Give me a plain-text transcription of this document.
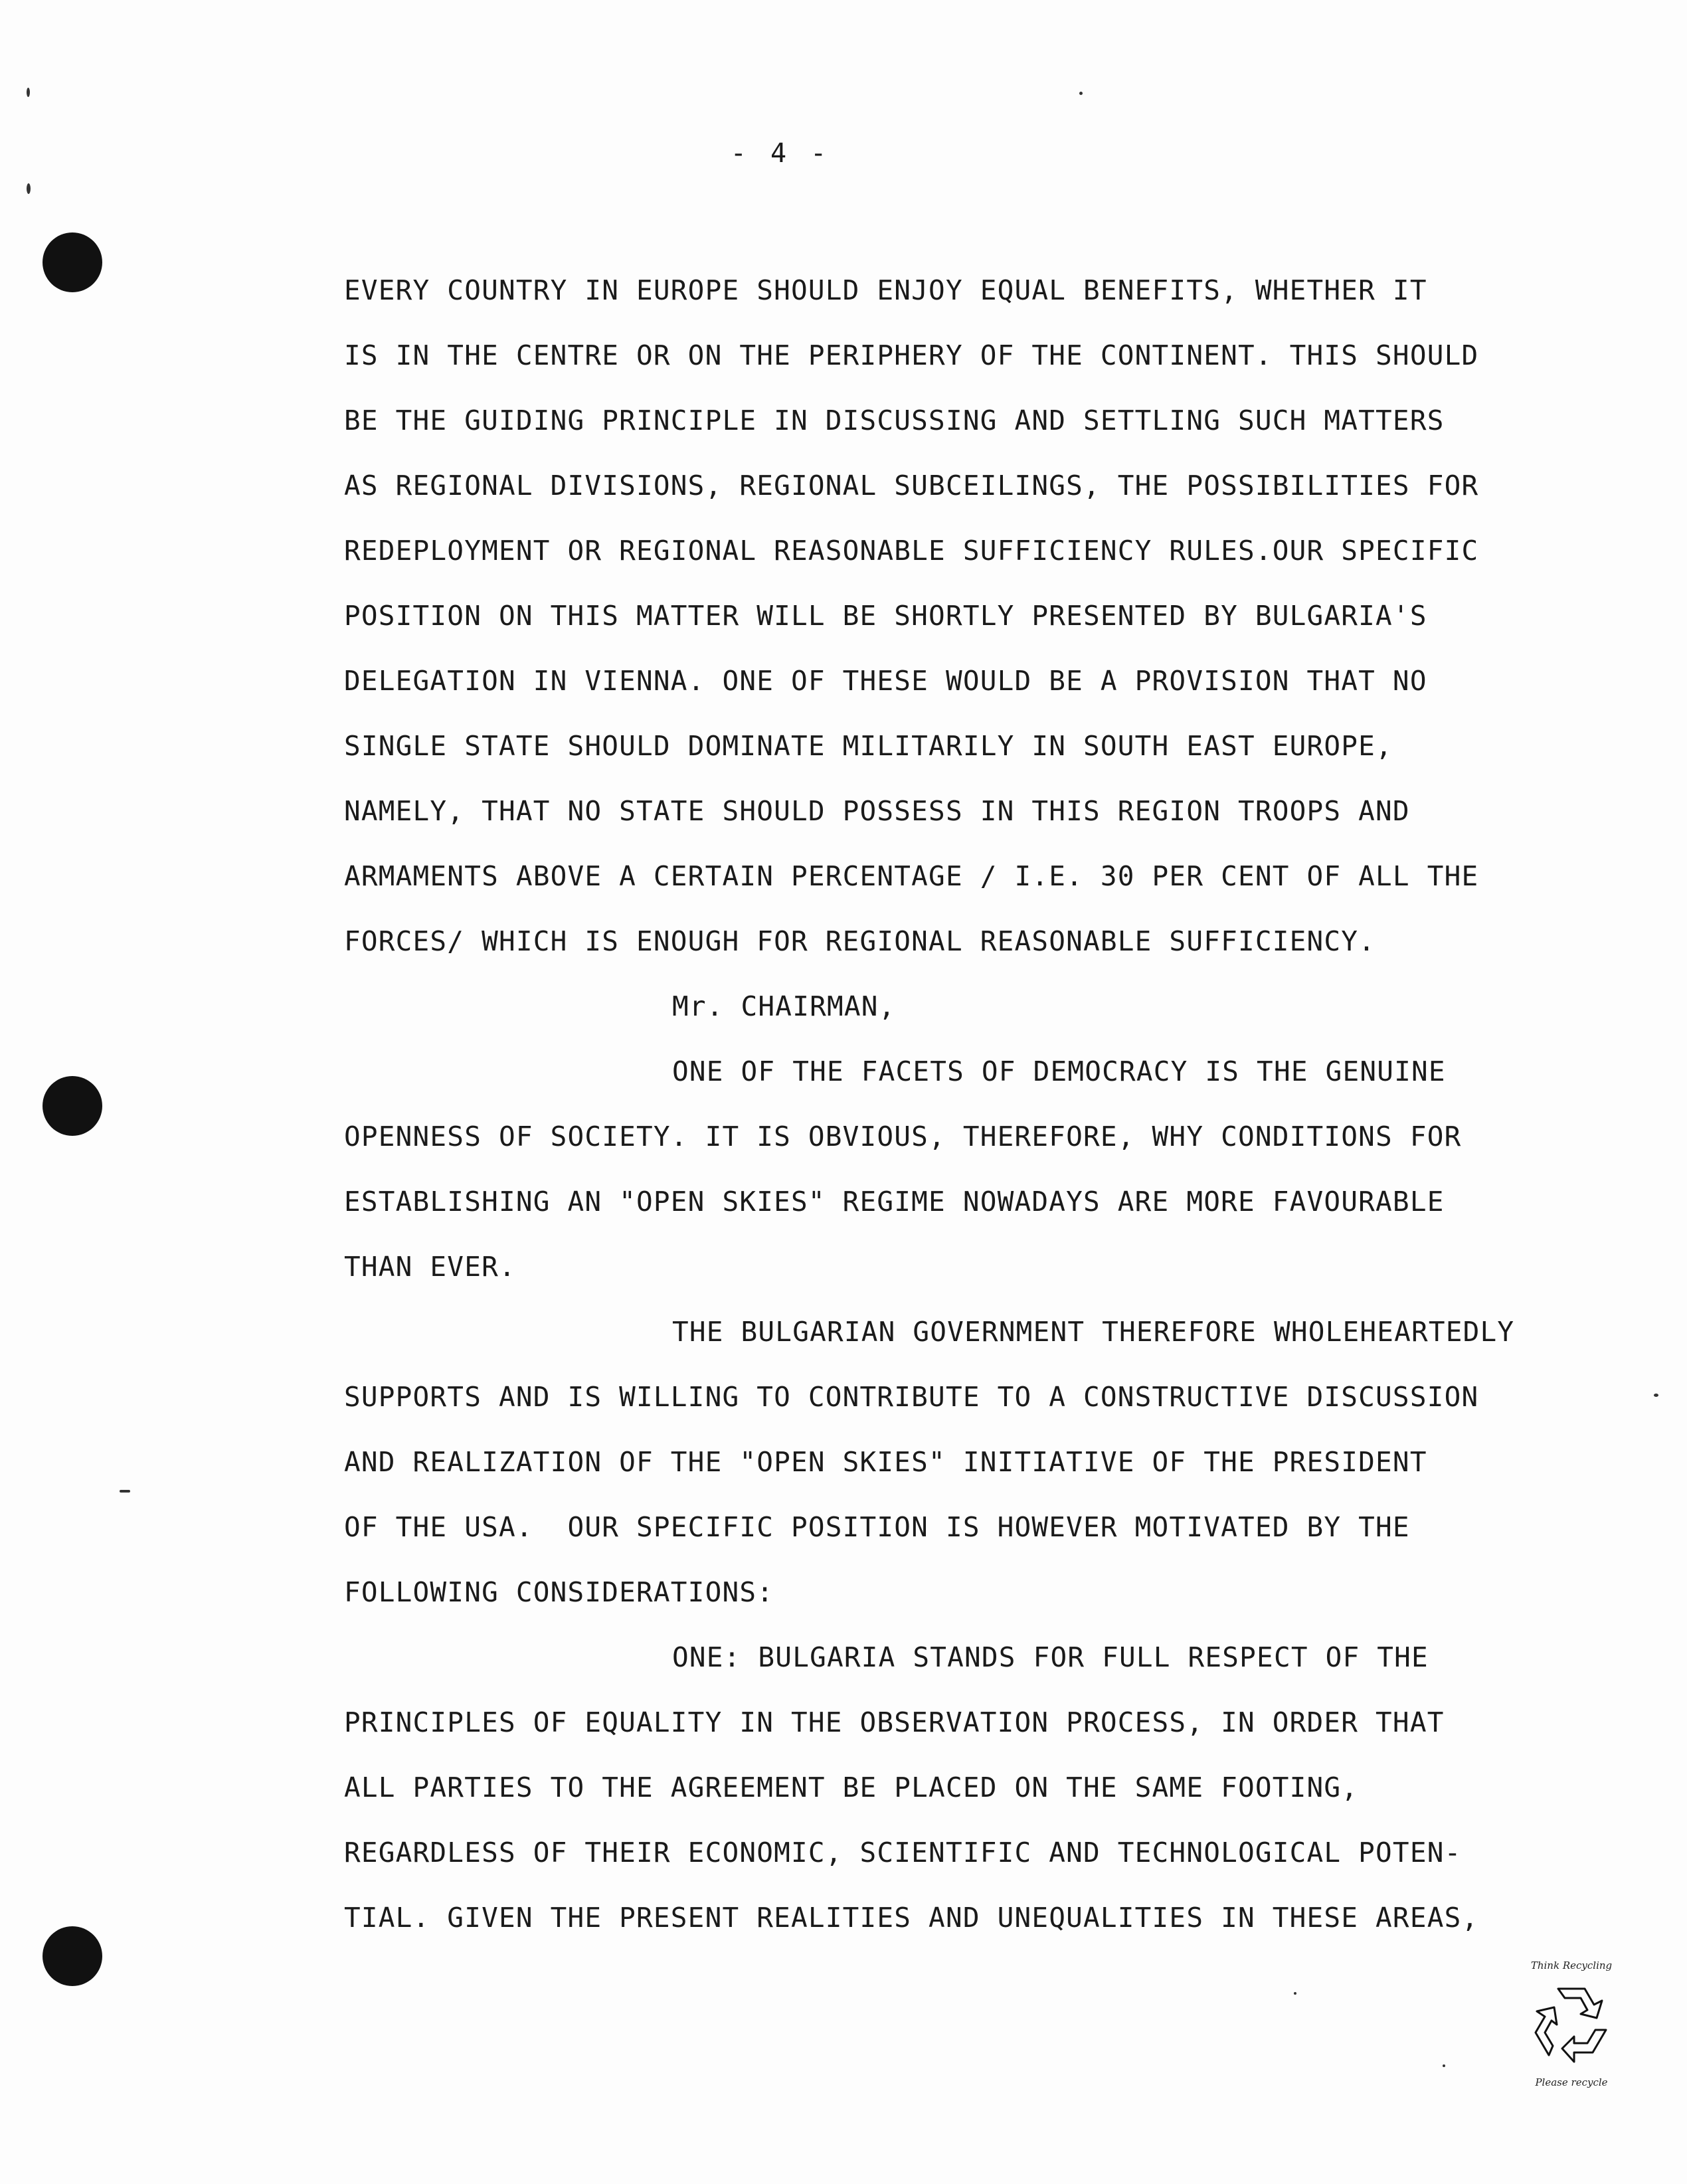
- 4 -
EVERY COUNTRY IN EUROPE SHOULD ENJOY EQUAL BENEFITS, WHETHER IT
IS IN THE CENTRE OR ON THE PERIPHERY OF THE CONTINENT. THIS SHOULD
BE THE GUIDING PRINCIPLE IN DISCUSSING AND SETTLING SUCH MATTERS
AS REGIONAL DIVISIONS, REGIONAL SUBCEILINGS, THE POSSIBILITIES FOR
REDEPLOYMENT OR REGIONAL REASONABLE SUFFICIENCY RULES.OUR SPECIFIC
POSITION ON THIS MATTER WILL BE SHORTLY PRESENTED BY BULGARIA'S
DELEGATION IN VIENNA. ONE OF THESE WOULD BE A PROVISION THAT NO
SINGLE STATE SHOULD DOMINATE MILITARILY IN SOUTH EAST EUROPE,
NAMELY, THAT NO STATE SHOULD POSSESS IN THIS REGION TROOPS AND
ARMAMENTS ABOVE A CERTAIN PERCENTAGE / I.E. 30 PER CENT OF ALL THE
FORCES/ WHICH IS ENOUGH FOR REGIONAL REASONABLE SUFFICIENCY.
Mr. CHAIRMAN,
ONE OF THE FACETS OF DEMOCRACY IS THE GENUINE
OPENNESS OF SOCIETY. IT IS OBVIOUS, THEREFORE, WHY CONDITIONS FOR
ESTABLISHING AN "OPEN SKIES" REGIME NOWADAYS ARE MORE FAVOURABLE
THAN EVER.
THE BULGARIAN GOVERNMENT THEREFORE WHOLEHEARTEDLY
SUPPORTS AND IS WILLING TO CONTRIBUTE TO A CONSTRUCTIVE DISCUSSION
AND REALIZATION OF THE "OPEN SKIES" INITIATIVE OF THE PRESIDENT
OF THE USA.  OUR SPECIFIC POSITION IS HOWEVER MOTIVATED BY THE
FOLLOWING CONSIDERATIONS:
ONE: BULGARIA STANDS FOR FULL RESPECT OF THE
PRINCIPLES OF EQUALITY IN THE OBSERVATION PROCESS, IN ORDER THAT
ALL PARTIES TO THE AGREEMENT BE PLACED ON THE SAME FOOTING,
REGARDLESS OF THEIR ECONOMIC, SCIENTIFIC AND TECHNOLOGICAL POTEN-
TIAL. GIVEN THE PRESENT REALITIES AND UNEQUALITIES IN THESE AREAS,
Think Recycling
Please recycle
